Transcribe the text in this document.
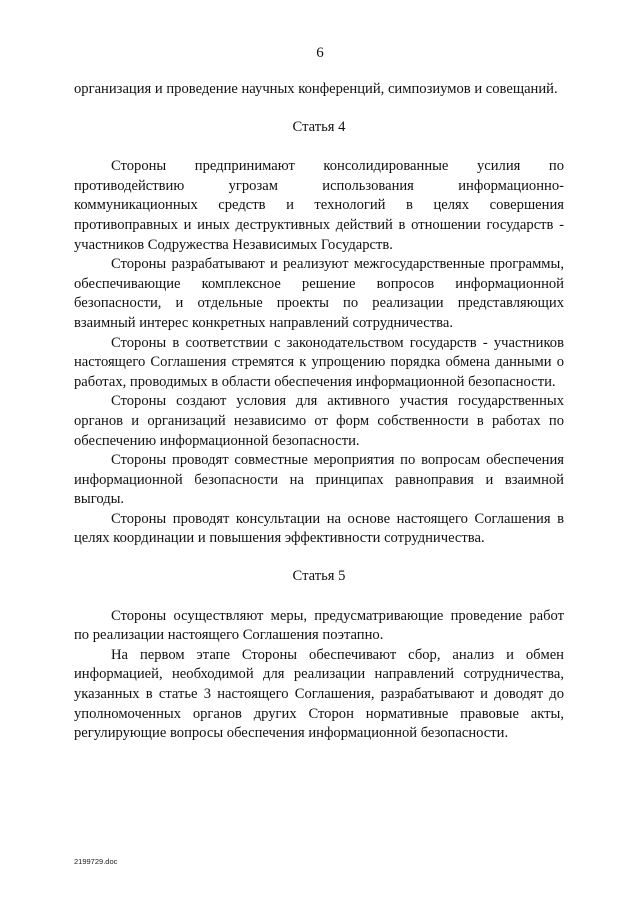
6

организация и проведение научных конференций, симпозиумов и совещаний.

Статья 4

Стороны предпринимают консолидированные усилия по противодействию угрозам использования информационно-коммуникационных средств и технологий в целях совершения противоправных и иных деструктивных действий в отношении государств - участников Содружества Независимых Государств.

Стороны разрабатывают и реализуют межгосударственные программы, обеспечивающие комплексное решение вопросов информационной безопасности, и отдельные проекты по реализации представляющих взаимный интерес конкретных направлений сотрудничества.

Стороны в соответствии с законодательством государств - участников настоящего Соглашения стремятся к упрощению порядка обмена данными о работах, проводимых в области обеспечения информационной безопасности.

Стороны создают условия для активного участия государственных органов и организаций независимо от форм собственности в работах по обеспечению информационной безопасности.

Стороны проводят совместные мероприятия по вопросам обеспечения информационной безопасности на принципах равноправия и взаимной выгоды.

Стороны проводят консультации на основе настоящего Соглашения в целях координации и повышения эффективности сотрудничества.

Статья 5

Стороны осуществляют меры, предусматривающие проведение работ по реализации настоящего Соглашения поэтапно.

На первом этапе Стороны обеспечивают сбор, анализ и обмен информацией, необходимой для реализации направлений сотрудничества, указанных в статье 3 настоящего Соглашения, разрабатывают и доводят до уполномоченных органов других Сторон нормативные правовые акты, регулирующие вопросы обеспечения информационной безопасности.

2199729.doc
